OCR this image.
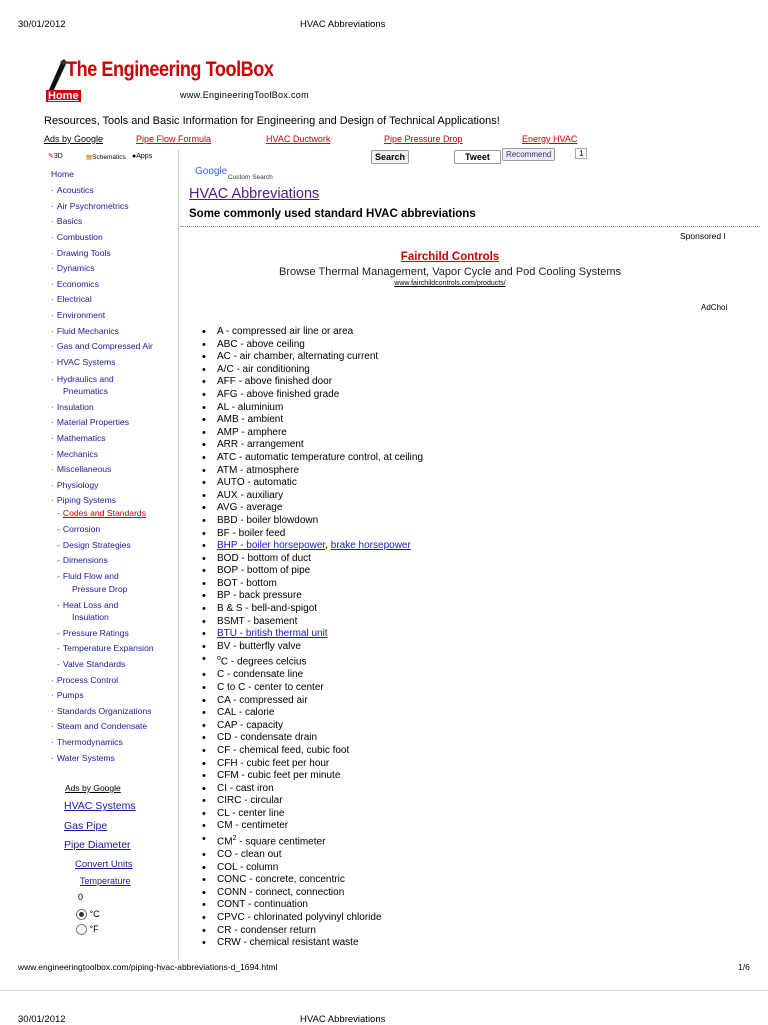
30/01/2012	HVAC Abbreviations
The Engineering ToolBox
Home	www.EngineeringToolBox.com
Resources, Tools and Basic Information for Engineering and Design of Technical Applications!
Ads by Google	Pipe Flow Formula	HVAC Ductwork	Pipe Pressure Drop	Energy HVAC
✎3D	▦Schematics ●Apps
Google
Custom Search
Search	Tweet	Recommend	1
Home
· Acoustics
· Air Psychrometrics
· Basics
· Combustion
· Drawing Tools
· Dynamics
· Economics
· Electrical
· Environment
· Fluid Mechanics
· Gas and Compressed Air
· HVAC Systems
· Hydraulics and
Pneumatics
· Insulation
· Material Properties
· Mathematics
· Mechanics
· Miscellaneous
· Physiology
· Piping Systems
- Codes and Standards
- Corrosion
- Design Strategies
- Dimensions
- Fluid Flow and
Pressure Drop
- Heat Loss and
Insulation
- Pressure Ratings
- Temperature Expansion
- Valve Standards
· Process Control
· Pumps
· Standards Organizations
· Steam and Condensate
· Thermodynamics
· Water Systems
Ads by Google
HVAC Systems
Gas Pipe
Pipe Diameter
Convert Units
Temperature
0
°C
°F
HVAC Abbreviations
Some commonly used standard HVAC abbreviations
Sponsored l
Fairchild Controls
Browse Thermal Management, Vapor Cycle and Pod Cooling Systems
www.fairchildcontrols.com/products/
AdChoi
• A - compressed air line or area
• ABC - above ceiling
• AC - air chamber, alternating current
• A/C - air conditioning
• AFF - above finished door
• AFG - above finished grade
• AL - aluminium
• AMB - ambient
• AMP - amphere
• ARR - arrangement
• ATC - automatic temperature control, at ceiling
• ATM - atmosphere
• AUTO - automatic
• AUX - auxiliary
• AVG - average
• BBD - boiler blowdown
• BF - boiler feed
• BHP - boiler horsepower, brake horsepower
• BOD - bottom of duct
• BOP - bottom of pipe
• BOT - bottom
• BP - back pressure
• B & S - bell-and-spigot
• BSMT - basement
• BTU - british thermal unit
• BV - butterfly valve
• $^o$C - degrees celcius
• C - condensate line
• C to C - center to center
• CA - compressed air
• CAL - calorie
• CAP - capacity
• CD - condensate drain
• CF - chemical feed, cubic foot
• CFH - cubic feet per hour
• CFM - cubic feet per minute
• CI - cast iron
• CIRC - circular
• CL - center line
• CM - centimeter
• $CM^2$ - square centimeter
• CO - clean out
• COL - column
• CONC - concrete, concentric
• CONN - connect, connection
• CONT - continuation
• CPVC - chlorinated polyvinyl chloride
• CR - condenser return
• CRW - chemical resistant waste
www.engineeringtoolbox.com/piping-hvac-abbreviations-d_1694.html	1/6
30/01/2012	HVAC Abbreviations
